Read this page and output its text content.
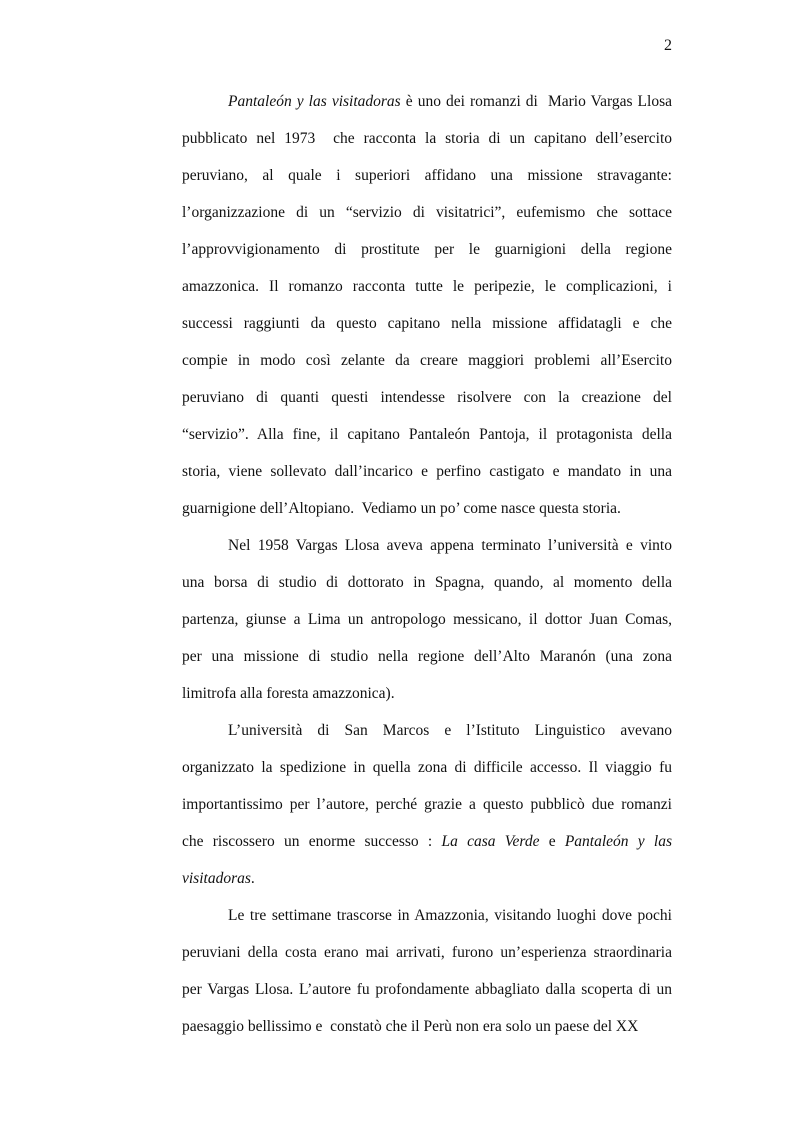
2
Pantaleón y las visitadoras è uno dei romanzi di  Mario Vargas Llosa
pubblicato nel 1973  che racconta la storia di un capitano dell’esercito
peruviano, al quale i superiori affidano una missione stravagante:
l’organizzazione di un “servizio di visitatrici”, eufemismo che sottace
l’approvvigionamento di prostitute per le guarnigioni della regione
amazzonica. Il romanzo racconta tutte le peripezie, le complicazioni, i
successi raggiunti da questo capitano nella missione affidatagli e che
compie in modo così zelante da creare maggiori problemi all’Esercito
peruviano di quanti questi intendesse risolvere con la creazione del
“servizio”. Alla fine, il capitano Pantaleón Pantoja, il protagonista della
storia, viene sollevato dall’incarico e perfino castigato e mandato in una
guarnigione dell’Altopiano.  Vediamo un po’ come nasce questa storia.
Nel 1958 Vargas Llosa aveva appena terminato l’università e vinto
una borsa di studio di dottorato in Spagna, quando, al momento della
partenza, giunse a Lima un antropologo messicano, il dottor Juan Comas,
per una missione di studio nella regione dell’Alto Maranón (una zona
limitrofa alla foresta amazzonica).
L’università di San Marcos e l’Istituto Linguistico avevano
organizzato la spedizione in quella zona di difficile accesso. Il viaggio fu
importantissimo per l’autore, perché grazie a questo pubblicò due romanzi
che riscossero un enorme successo : La casa Verde e Pantaleón y las
visitadoras.
Le tre settimane trascorse in Amazzonia, visitando luoghi dove pochi
peruviani della costa erano mai arrivati, furono un’esperienza straordinaria
per Vargas Llosa. L’autore fu profondamente abbagliato dalla scoperta di un
paesaggio bellissimo e  constatò che il Perù non era solo un paese del XX
